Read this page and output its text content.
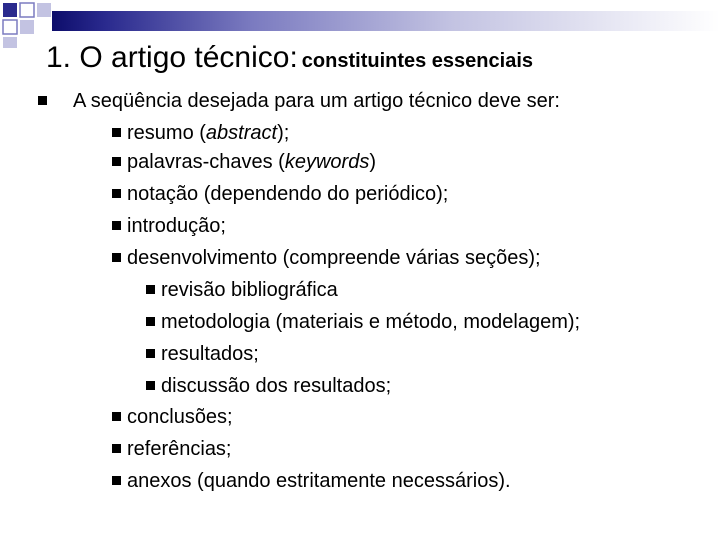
1. O artigo técnico: constituintes essenciais
A seqüência desejada para um artigo técnico deve ser:
resumo (abstract);
palavras-chaves (keywords)
notação (dependendo do periódico);
introdução;
desenvolvimento (compreende várias seções);
revisão bibliográfica
metodologia (materiais e método, modelagem);
resultados;
discussão dos resultados;
conclusões;
referências;
anexos (quando estritamente necessários).
